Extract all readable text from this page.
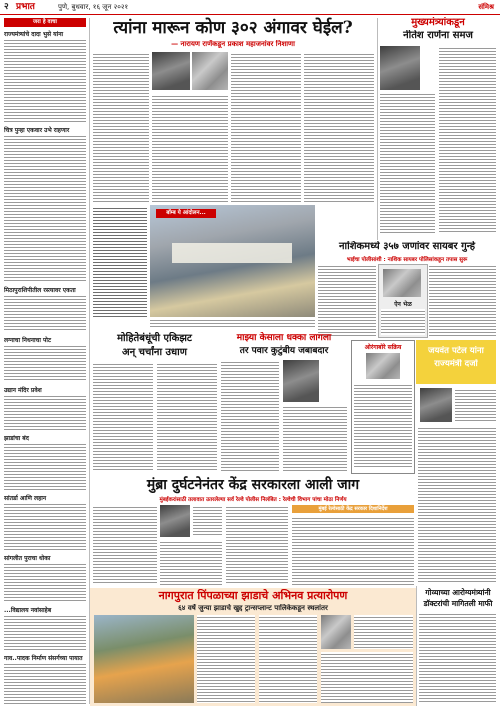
२ प्रभात	पुणे, बुधवार, १६ जून २०२१	संमिश्र
जरा हे वाचा
राज्यमंत्र्यांचे दादा भुसे यांना
चित्र पुन्हा एकवार उभे राहणार
मिठापुराशिपीतील रस्त्यावर एकता
लग्नाचा निधनाचा पोट
उद्यान मंदिर प्रवेश
झाडांचा बंद
सांतर्डा आणि लहान
सांगलीत पुराचा धोका
...विद्यालय नवांसाहेब
गाव..पादक निर्माण संसर्गच्या पायात
त्यांना मारून कोण ३०२ अंगावर घेईल?
— नारायण राणेंकडून प्रकाश महाजनांवर निशाणा
बॉम्ब ये आंदोलन...
मुख्यमंत्र्यांकडून
नीतेश राणेंना समज
नाशिकमध्ये ३५७ जणांवर सायबर गुन्हे
भाईचा पोलीसांशी : नाशिक सायबर पोलिसांकडून तपास सुरू
ऐन भेळ
मोहितेबंधूंची एकिझट
अन् चर्चांना उधाण
माझ्या केसाला धक्का लागला
तर पवार कुटुंबीय जबाबदार	ओरंगाबोरे सक्रिय	जयवंत पटेल यांना
राज्यमंत्री दर्जा
मुंब्रा दुर्घटनेनंतर केंद्र सरकारला आली जाग
मुंबईकरांसाठी तलावात उतरलेल्या सर्व रेल्वे पोलीस निलंबित : रेल्वेची विभाग पांचा मोठा निर्णय
मुंबई रेल्वेसाठी केंद्र सरकार दिशानिर्देश
नागपुरात पिंपळाच्या झाडाचे अभिनव प्रत्यारोपण
६४ वर्षे जुन्या झाडाचे खुद्द ट्रान्सप्लान्ट पालिकेकडून स्थलांतर
गोव्याच्या आरोग्यमंत्र्यांनी
डॉक्टरांची मागितली माफी
